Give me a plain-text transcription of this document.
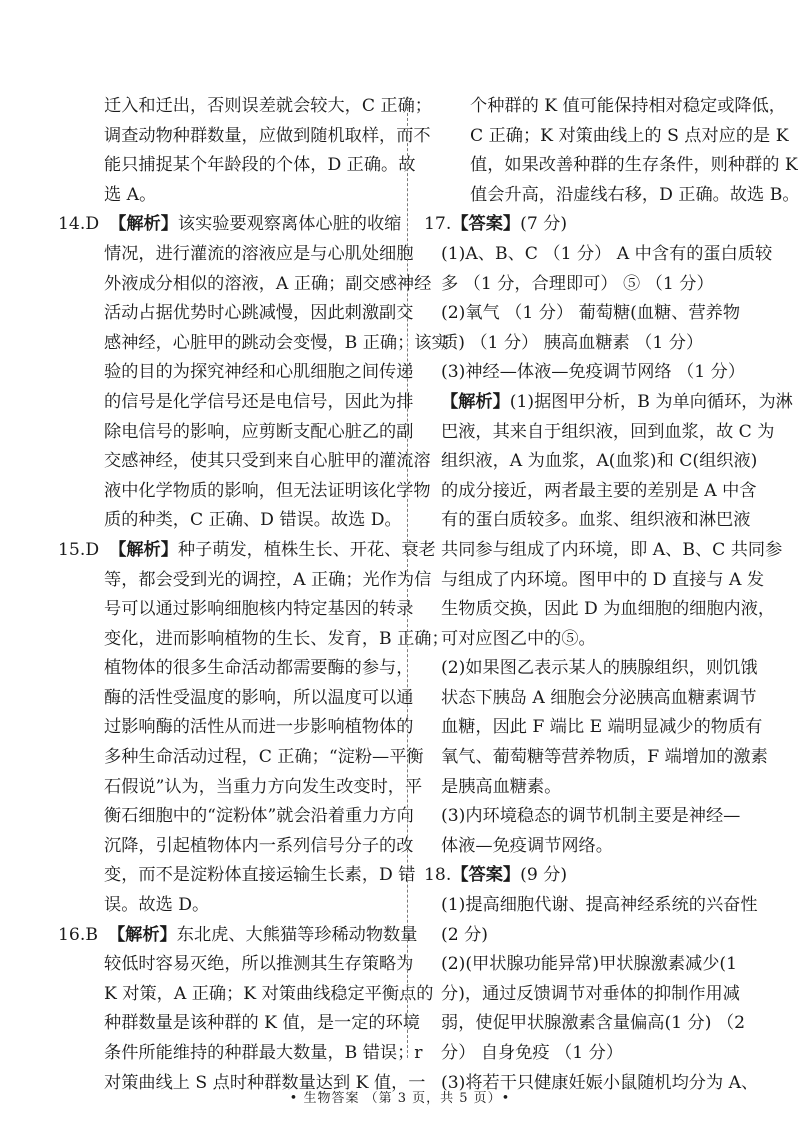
迁入和迁出，否则误差就会较大，C 正确；
调查动物种群数量，应做到随机取样，而不
能只捕捉某个年龄段的个体，D 正确。故
选 A。
14.D 【解析】该实验要观察离体心脏的收缩
情况，进行灌流的溶液应是与心肌处细胞
外液成分相似的溶液，A 正确；副交感神经
活动占据优势时心跳减慢，因此刺激副交
感神经，心脏甲的跳动会变慢，B 正确；该实
验的目的为探究神经和心肌细胞之间传递
的信号是化学信号还是电信号，因此为排
除电信号的影响，应剪断支配心脏乙的副
交感神经，使其只受到来自心脏甲的灌流溶
液中化学物质的影响，但无法证明该化学物
质的种类，C 正确、D 错误。故选 D。
15.D 【解析】种子萌发，植株生长、开花、衰老
等，都会受到光的调控，A 正确；光作为信
号可以通过影响细胞核内特定基因的转录
变化，进而影响植物的生长、发育，B 正确；
植物体的很多生命活动都需要酶的参与，
酶的活性受温度的影响，所以温度可以通
过影响酶的活性从而进一步影响植物体的
多种生命活动过程，C 正确；“淀粉—平衡
石假说”认为，当重力方向发生改变时，平
衡石细胞中的“淀粉体”就会沿着重力方向
沉降，引起植物体内一系列信号分子的改
变，而不是淀粉体直接运输生长素，D 错
误。故选 D。
16.B 【解析】东北虎、大熊猫等珍稀动物数量
较低时容易灭绝，所以推测其生存策略为
K 对策，A 正确；K 对策曲线稳定平衡点的
种群数量是该种群的 K 值，是一定的环境
条件所能维持的种群最大数量，B 错误；r
对策曲线上 S 点时种群数量达到 K 值，一
个种群的 K 值可能保持相对稳定或降低，
C 正确；K 对策曲线上的 S 点对应的是 K
值，如果改善种群的生存条件，则种群的 K
值会升高，沿虚线右移，D 正确。故选 B。
17.【答案】(7 分)
(1)A、B、C （1 分） A 中含有的蛋白质较
多 （1 分，合理即可） ⑤ （1 分）
(2)氧气 （1 分） 葡萄糖(血糖、营养物
质) （1 分） 胰高血糖素 （1 分）
(3)神经—体液—免疫调节网络 （1 分）
【解析】(1)据图甲分析，B 为单向循环，为淋
巴液，其来自于组织液，回到血浆，故 C 为
组织液，A 为血浆，A(血浆)和 C(组织液)
的成分接近，两者最主要的差别是 A 中含
有的蛋白质较多。血浆、组织液和淋巴液
共同参与组成了内环境，即 A、B、C 共同参
与组成了内环境。图甲中的 D 直接与 A 发
生物质交换，因此 D 为血细胞的细胞内液，
可对应图乙中的⑤。
(2)如果图乙表示某人的胰腺组织，则饥饿
状态下胰岛 A 细胞会分泌胰高血糖素调节
血糖，因此 F 端比 E 端明显减少的物质有
氧气、葡萄糖等营养物质，F 端增加的激素
是胰高血糖素。
(3)内环境稳态的调节机制主要是神经—
体液—免疫调节网络。
18.【答案】(9 分)
(1)提高细胞代谢、提高神经系统的兴奋性
(2 分)
(2)(甲状腺功能异常)甲状腺激素减少(1
分)，通过反馈调节对垂体的抑制作用减
弱，使促甲状腺激素含量偏高(1 分) （2
分） 自身免疫 （1 分）
(3)将若干只健康妊娠小鼠随机均分为 A、
• 生物答案 （第 3 页，共 5 页）•
